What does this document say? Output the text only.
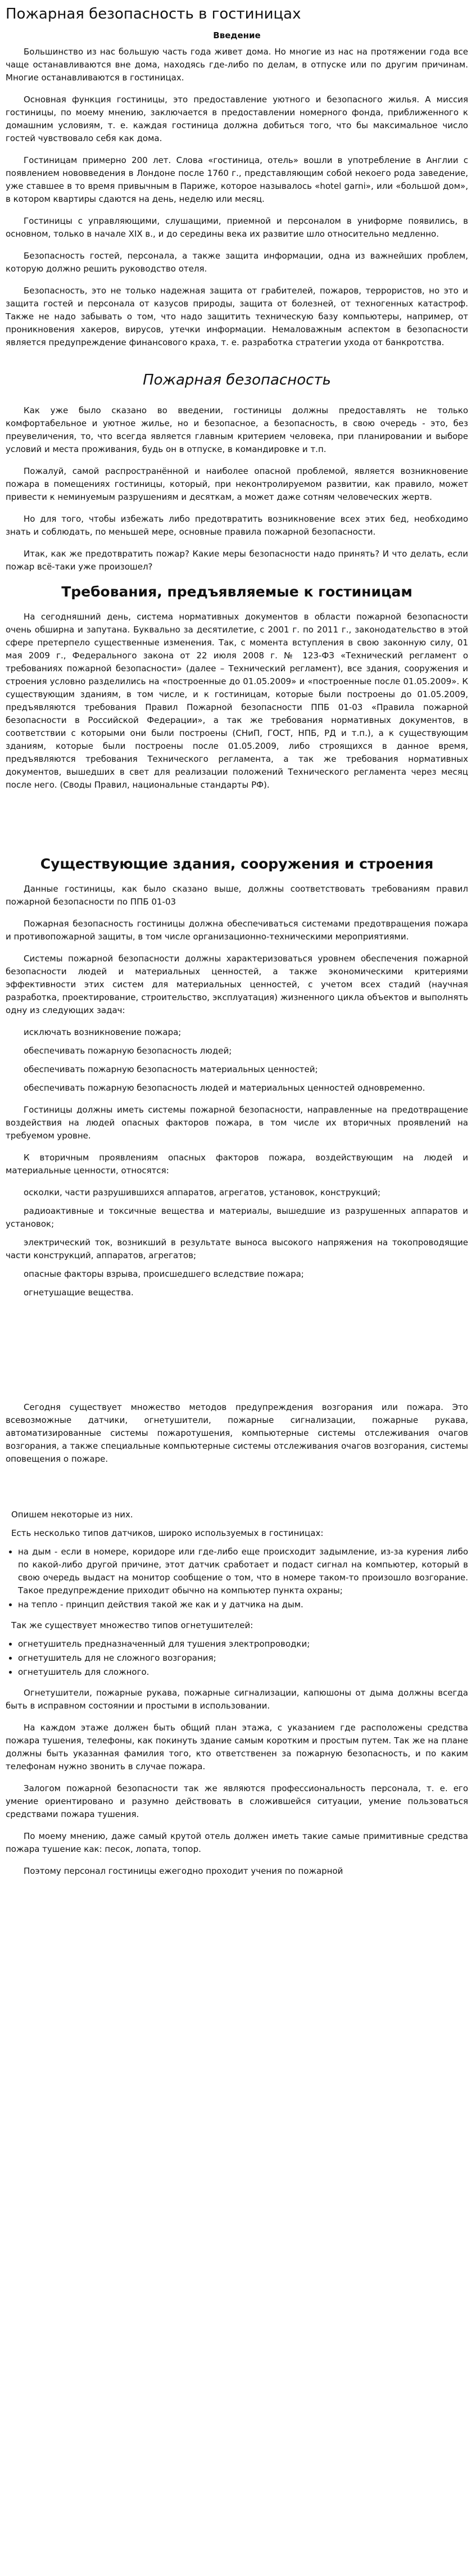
Пожарная безопасность в гостиницах
Введение

Большинство из нас большую часть года живет дома. Но многие из нас на протяжении года все чаще останавливаются вне дома, находясь где-либо по делам, в отпуске или по другим причинам. Многие останавливаются в гостиницах.

Основная функция гостиницы, это предоставление уютного и безопасного жилья. А миссия гостиницы, по моему мнению, заключается в предоставлении номерного фонда, приближенного к домашним условиям, т. е. каждая гостиница должна добиться того, что бы максимальное число гостей чувствовало себя как дома.

Гостиницам примерно 200 лет. Слова «гостиница, отель» вошли в употребление в Англии с появлением нововведения в Лондоне после 1760 г., представляющим собой некоего рода заведение, уже ставшее в то время привычным в Париже, которое называлось «hotel garni», или «большой дом», в котором квартиры сдаются на день, неделю или месяц.

Гостиницы с управляющими, слушащими, приемной и персоналом в униформе появились, в основном, только в начале XIX в., и до середины века их развитие шло относительно медленно.

Безопасность гостей, персонала, а также защита информации, одна из важнейших проблем, которую должно решить руководство отеля.

Безопасность, это не только надежная защита от грабителей, пожаров, террористов, но это и защита гостей и персонала от казусов природы, защита от болезней, от техногенных катастроф. Также не надо забывать о том, что надо защитить техническую базу компьютеры, например, от проникновения хакеров, вирусов, утечки информации. Немаловажным аспектом в безопасности является предупреждение финансового краха, т. е. разработка стратегии ухода от банкротства.

Пожарная безопасность

Как уже было сказано во введении, гостиницы должны предоставлять не только комфортабельное и уютное жилье, но и безопасное, а безопасность, в свою очередь - это, без преувеличения, то, что всегда является главным критерием человека, при планировании и выборе условий и места проживания, будь он в отпуске, в командировке и т.п.

Пожалуй, самой распространённой и наиболее опасной проблемой, является возникновение пожара в помещениях гостиницы, который, при неконтролируемом развитии, как правило, может привести к неминуемым разрушениям и десяткам, а может даже сотням человеческих жертв.

Но для того, чтобы избежать либо предотвратить возникновение всех этих бед, необходимо знать и соблюдать, по меньшей мере, основные правила пожарной безопасности.

Итак, как же предотвратить пожар? Какие меры безопасности надо принять? И что делать, если пожар всё-таки уже произошел?

Требования, предъявляемые к гостиницам

На сегодняшний день, система нормативных документов в области пожарной безопасности очень обширна и запутана. Буквально за десятилетие, с 2001 г. по 2011 г., законодательство в этой сфере претерпело существенные изменения. Так, с момента вступления в свою законную силу, 01 мая 2009 г., Федерального закона от 22 июля 2008 г. № 123-ФЗ «Технический регламент о требованиях пожарной безопасности» (далее – Технический регламент), все здания, сооружения и строения условно разделились на «построенные до 01.05.2009» и «построенные после 01.05.2009». К существующим зданиям, в том числе, и к гостиницам, которые были построены до 01.05.2009, предъявляются требования Правил Пожарной безопасности ППБ 01-03 «Правила пожарной безопасности в Российской Федерации», а так же требования нормативных документов, в соответствии с которыми они были построены (СНиП, ГОСТ, НПБ, РД и т.п.), а к существующим зданиям, которые были построены после 01.05.2009, либо строящихся в данное время, предъявляются требования Технического регламента, а так же требования нормативных документов, вышедших в свет для реализации положений Технического регламента через месяц после него. (Своды Правил, национальные стандарты РФ).

Существующие здания, сооружения и строения

Данные гостиницы, как было сказано выше, должны соответствовать требованиям правил пожарной безопасности по ППБ 01-03

Пожарная безопасность гостиницы должна обеспечиваться системами предотвращения пожара и противопожарной защиты, в том числе организационно-техническими мероприятиями.

Системы пожарной безопасности должны характеризоваться уровнем обеспечения пожарной безопасности людей и материальных ценностей, а также экономическими критериями эффективности этих систем для материальных ценностей, с учетом всех стадий (научная разработка, проектирование, строительство, эксплуатация) жизненного цикла объектов и выполнять одну из следующих задач:

исключать возникновение пожара;

обеспечивать пожарную безопасность людей;

обеспечивать пожарную безопасность материальных ценностей;

обеспечивать пожарную безопасность людей и материальных ценностей одновременно.

Гостиницы должны иметь системы пожарной безопасности, направленные на предотвращение воздействия на людей опасных факторов пожара, в том числе их вторичных проявлений на требуемом уровне.

К вторичным проявлениям опасных факторов пожара, воздействующим на людей и материальные ценности, относятся:

осколки, части разрушившихся аппаратов, агрегатов, установок, конструкций;

радиоактивные и токсичные вещества и материалы, вышедшие из разрушенных аппаратов и установок;

электрический ток, возникший в результате выноса высокого напряжения на токопроводящие части конструкций, аппаратов, агрегатов;

опасные факторы взрыва, происшедшего вследствие пожара;

огнетушащие вещества.

Сегодня существует множество методов предупреждения возгорания или пожара. Это всевозможные датчики, огнетушители, пожарные сигнализации, пожарные рукава, автоматизированные системы пожаротушения, компьютерные системы отслеживания очагов возгорания, а также специальные компьютерные системы отслеживания очагов возгорания, системы оповещения о пожаре.

Опишем некоторые из них.
Есть несколько типов датчиков, широко используемых в гостиницах:
• на дым - если в номере, коридоре или где-либо еще происходит задымление, из-за курения либо по какой-либо другой причине, этот датчик сработает и подаст сигнал на компьютер, который в свою очередь выдаст на монитор сообщение о том, что в номере таком-то произошло возгорание. Такое предупреждение приходит обычно на компьютер пункта охраны;
• на тепло - принцип действия такой же как и у датчика на дым.
Так же существует множество типов огнетушителей:
• огнетушитель предназначенный для тушения электропроводки;
• огнетушитель для не сложного возгорания;
• огнетушитель для сложного.

Огнетушители, пожарные рукава, пожарные сигнализации, капюшоны от дыма должны всегда быть в исправном состоянии и простыми в использовании.

На каждом этаже должен быть общий план этажа, с указанием где расположены средства пожара тушения, телефоны, как покинуть здание самым коротким и простым путем. Так же на плане должны быть указанная фамилия того, кто ответственен за пожарную безопасность, и по каким телефонам нужно звонить в случае пожара.

Залогом пожарной безопасности так же являются профессиональность персонала, т. е. его умение ориентировано и разумно действовать в сложившейся ситуации, умение пользоваться средствами пожара тушения.

По моему мнению, даже самый крутой отель должен иметь такие самые примитивные средства пожара тушение как: песок, лопата, топор.

Поэтому персонал гостиницы ежегодно проходит учения по пожарной
